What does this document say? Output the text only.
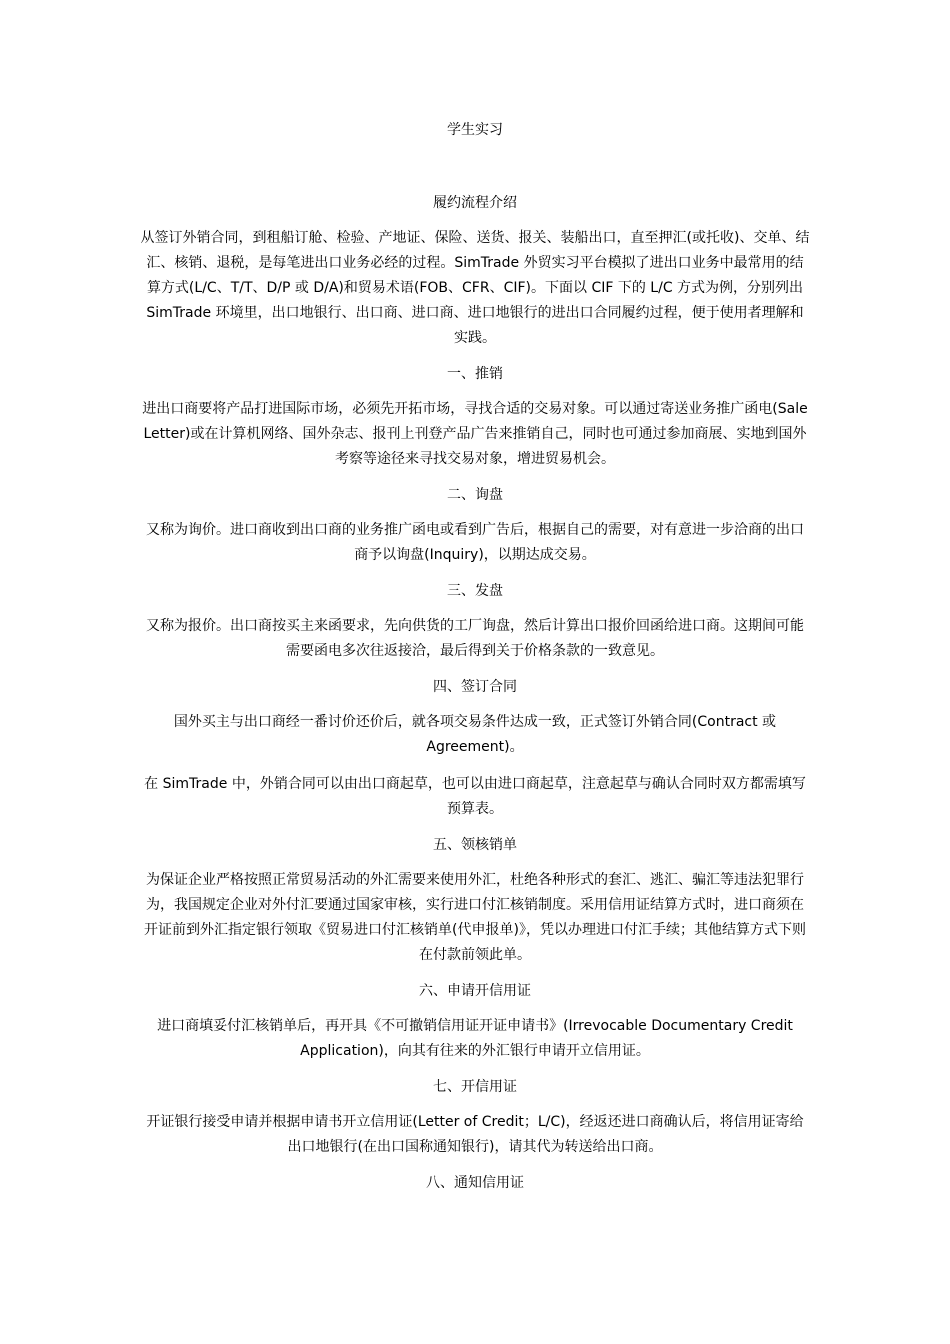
学生实习
履约流程介绍
从签订外销合同，到租船订舱、检验、产地证、保险、送货、报关、装船出口，直至押汇(或托收)、交单、结汇、核销、退税，是每笔进出口业务必经的过程。SimTrade 外贸实习平台模拟了进出口业务中最常用的结算方式(L/C、T/T、D/P 或 D/A)和贸易术语(FOB、CFR、CIF)。下面以 CIF 下的 L/C 方式为例，分别列出 SimTrade 环境里，出口地银行、出口商、进口商、进口地银行的进出口合同履约过程，便于使用者理解和实践。
一、推销
进出口商要将产品打进国际市场，必须先开拓市场，寻找合适的交易对象。可以通过寄送业务推广函电(Sale Letter)或在计算机网络、国外杂志、报刊上刊登产品广告来推销自己，同时也可通过参加商展、实地到国外考察等途径来寻找交易对象，增进贸易机会。
二、询盘
又称为询价。进口商收到出口商的业务推广函电或看到广告后，根据自己的需要，对有意进一步洽商的出口商予以询盘(Inquiry)，以期达成交易。
三、发盘
又称为报价。出口商按买主来函要求，先向供货的工厂询盘，然后计算出口报价回函给进口商。这期间可能需要函电多次往返接洽，最后得到关于价格条款的一致意见。
四、签订合同
国外买主与出口商经一番讨价还价后，就各项交易条件达成一致，正式签订外销合同(Contract 或 Agreement)。
在 SimTrade 中，外销合同可以由出口商起草，也可以由进口商起草，注意起草与确认合同时双方都需填写预算表。
五、领核销单
为保证企业严格按照正常贸易活动的外汇需要来使用外汇，杜绝各种形式的套汇、逃汇、骗汇等违法犯罪行为，我国规定企业对外付汇要通过国家审核，实行进口付汇核销制度。采用信用证结算方式时，进口商须在开证前到外汇指定银行领取《贸易进口付汇核销单(代申报单)》，凭以办理进口付汇手续；其他结算方式下则在付款前领此单。
六、申请开信用证
进口商填妥付汇核销单后，再开具《不可撤销信用证开证申请书》(Irrevocable Documentary Credit Application)，向其有往来的外汇银行申请开立信用证。
七、开信用证
开证银行接受申请并根据申请书开立信用证(Letter of Credit；L/C)，经返还进口商确认后，将信用证寄给出口地银行(在出口国称通知银行)，请其代为转送给出口商。
八、通知信用证
